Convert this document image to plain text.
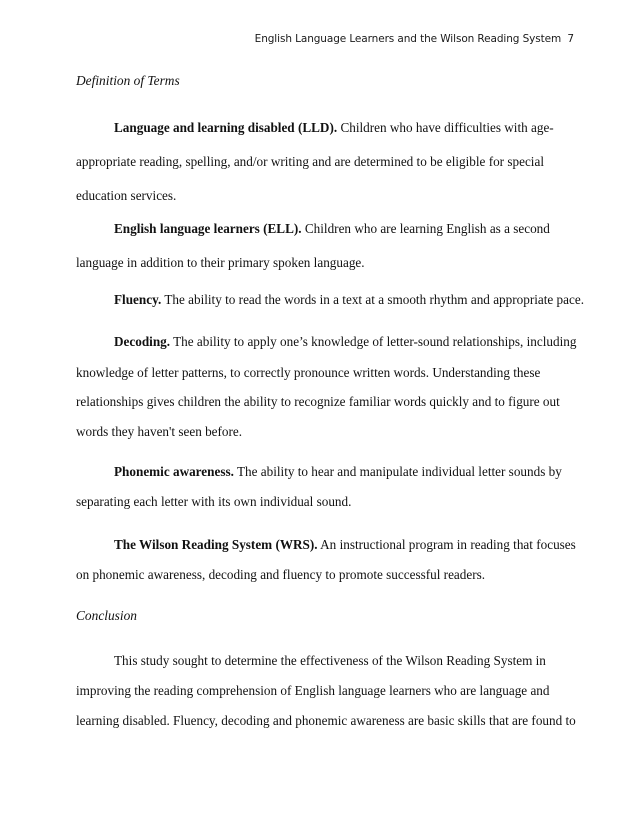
English Language Learners and the Wilson Reading System 7
Definition of Terms
Language and learning disabled (LLD). Children who have difficulties with age-
appropriate reading, spelling, and/or writing and are determined to be eligible for special
education services.
English language learners (ELL). Children who are learning English as a second
language in addition to their primary spoken language.
Fluency. The ability to read the words in a text at a smooth rhythm and appropriate pace.
Decoding. The ability to apply one’s knowledge of letter-sound relationships, including
knowledge of letter patterns, to correctly pronounce written words. Understanding these
relationships gives children the ability to recognize familiar words quickly and to figure out
words they haven't seen before.
Phonemic awareness. The ability to hear and manipulate individual letter sounds by
separating each letter with its own individual sound.
The Wilson Reading System (WRS). An instructional program in reading that focuses
on phonemic awareness, decoding and fluency to promote successful readers.
Conclusion
This study sought to determine the effectiveness of the Wilson Reading System in
improving the reading comprehension of English language learners who are language and
learning disabled. Fluency, decoding and phonemic awareness are basic skills that are found to
